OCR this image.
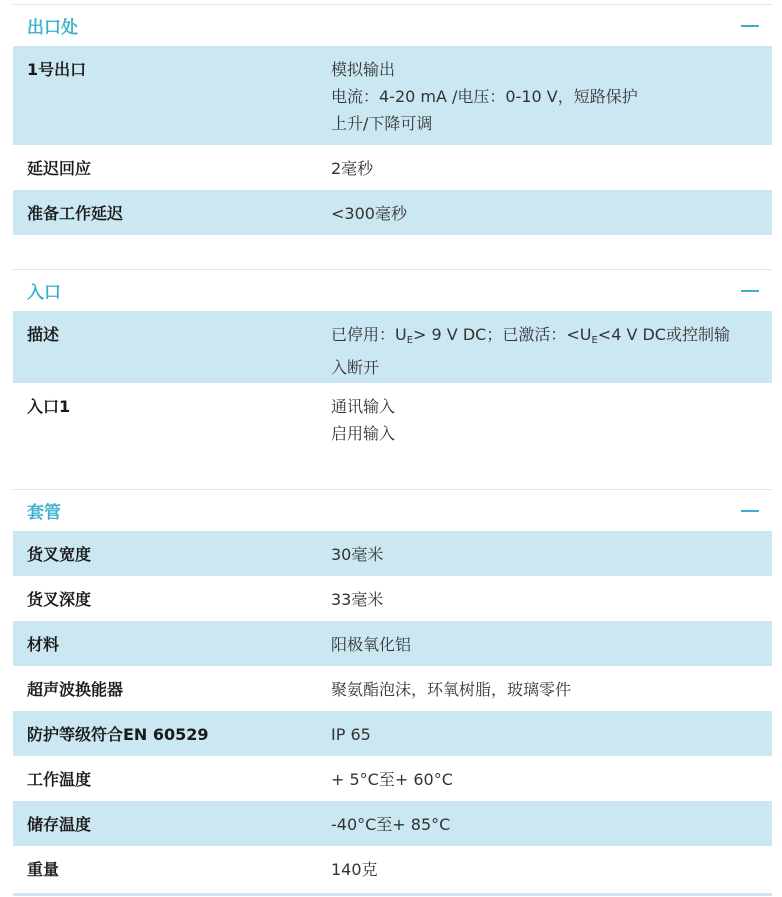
出口处
1号出口	模拟输出
电流：4-20 mA /电压：0-10 V，短路保护
上升/下降可调
延迟回应	2毫秒
准备工作延迟	<300毫秒
入口
描述	已停用：$U_E> 9$ V DC；已激活：$<U_E<4$ V DC或控制输
入断开
入口1	通讯输入
启用输入
套管
货叉宽度	30毫米
货叉深度	33毫米
材料	阳极氧化铝
超声波换能器	聚氨酯泡沫，环氧树脂，玻璃零件
防护等级符合EN 60529	IP 65
工作温度	+ 5°C至+ 60°C
储存温度	-40°C至+ 85°C
重量	140克
